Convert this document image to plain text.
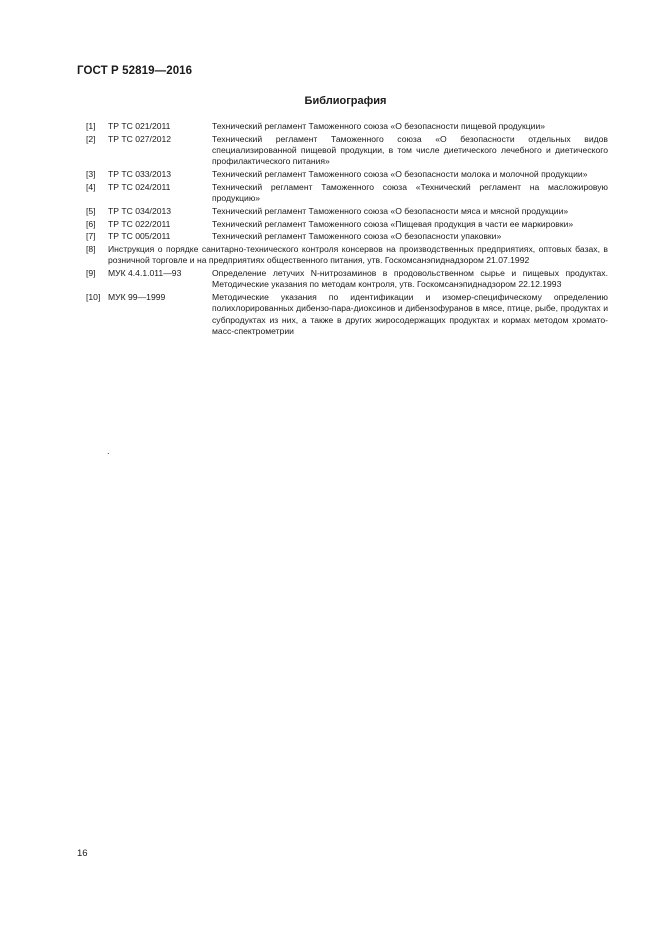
ГОСТ Р 52819—2016
Библиография
[1]	ТР ТС 021/2011	Технический регламент Таможенного союза «О безопасности пищевой продукции»
[2]	ТР ТС 027/2012	Технический регламент Таможенного союза «О безопасности отдельных видов специализированной пищевой продукции, в том числе диетического лечебного и диетического профилактического питания»
[3]	ТР ТС 033/2013	Технический регламент Таможенного союза «О безопасности молока и молочной продукции»
[4]	ТР ТС 024/2011	Технический регламент Таможенного союза «Технический регламент на масложировую продукцию»
[5]	ТР ТС 034/2013	Технический регламент Таможенного союза «О безопасности мяса и мясной продукции»
[6]	ТР ТС 022/2011	Технический регламент Таможенного союза «Пищевая продукция в части ее маркировки»
[7]	ТР ТС 005/2011	Технический регламент Таможенного союза «О безопасности упаковки»
[8]	Инструкция о порядке санитарно-технического контроля консервов на производственных предприятиях, оптовых базах, в розничной торговле и на предприятиях общественного питания, утв. Госкомсанэпиднадзором 21.07.1992
[9]	МУК 4.4.1.011—93	Определение летучих N-нитрозаминов в продовольственном сырье и пищевых продуктах. Методические указания по методам контроля, утв. Госкомсанэпиднадзором 22.12.1993
[10] МУК 99—1999	Методические указания по идентификации и изомер-специфическому определению полихлорированных дибензо-пара-диоксинов и дибензофуранов в мясе, птице, рыбе, продуктах и субпродуктах из них, а также в других жиросодержащих продуктах и кормах методом хромато-масс-спектрометрии
.
16
